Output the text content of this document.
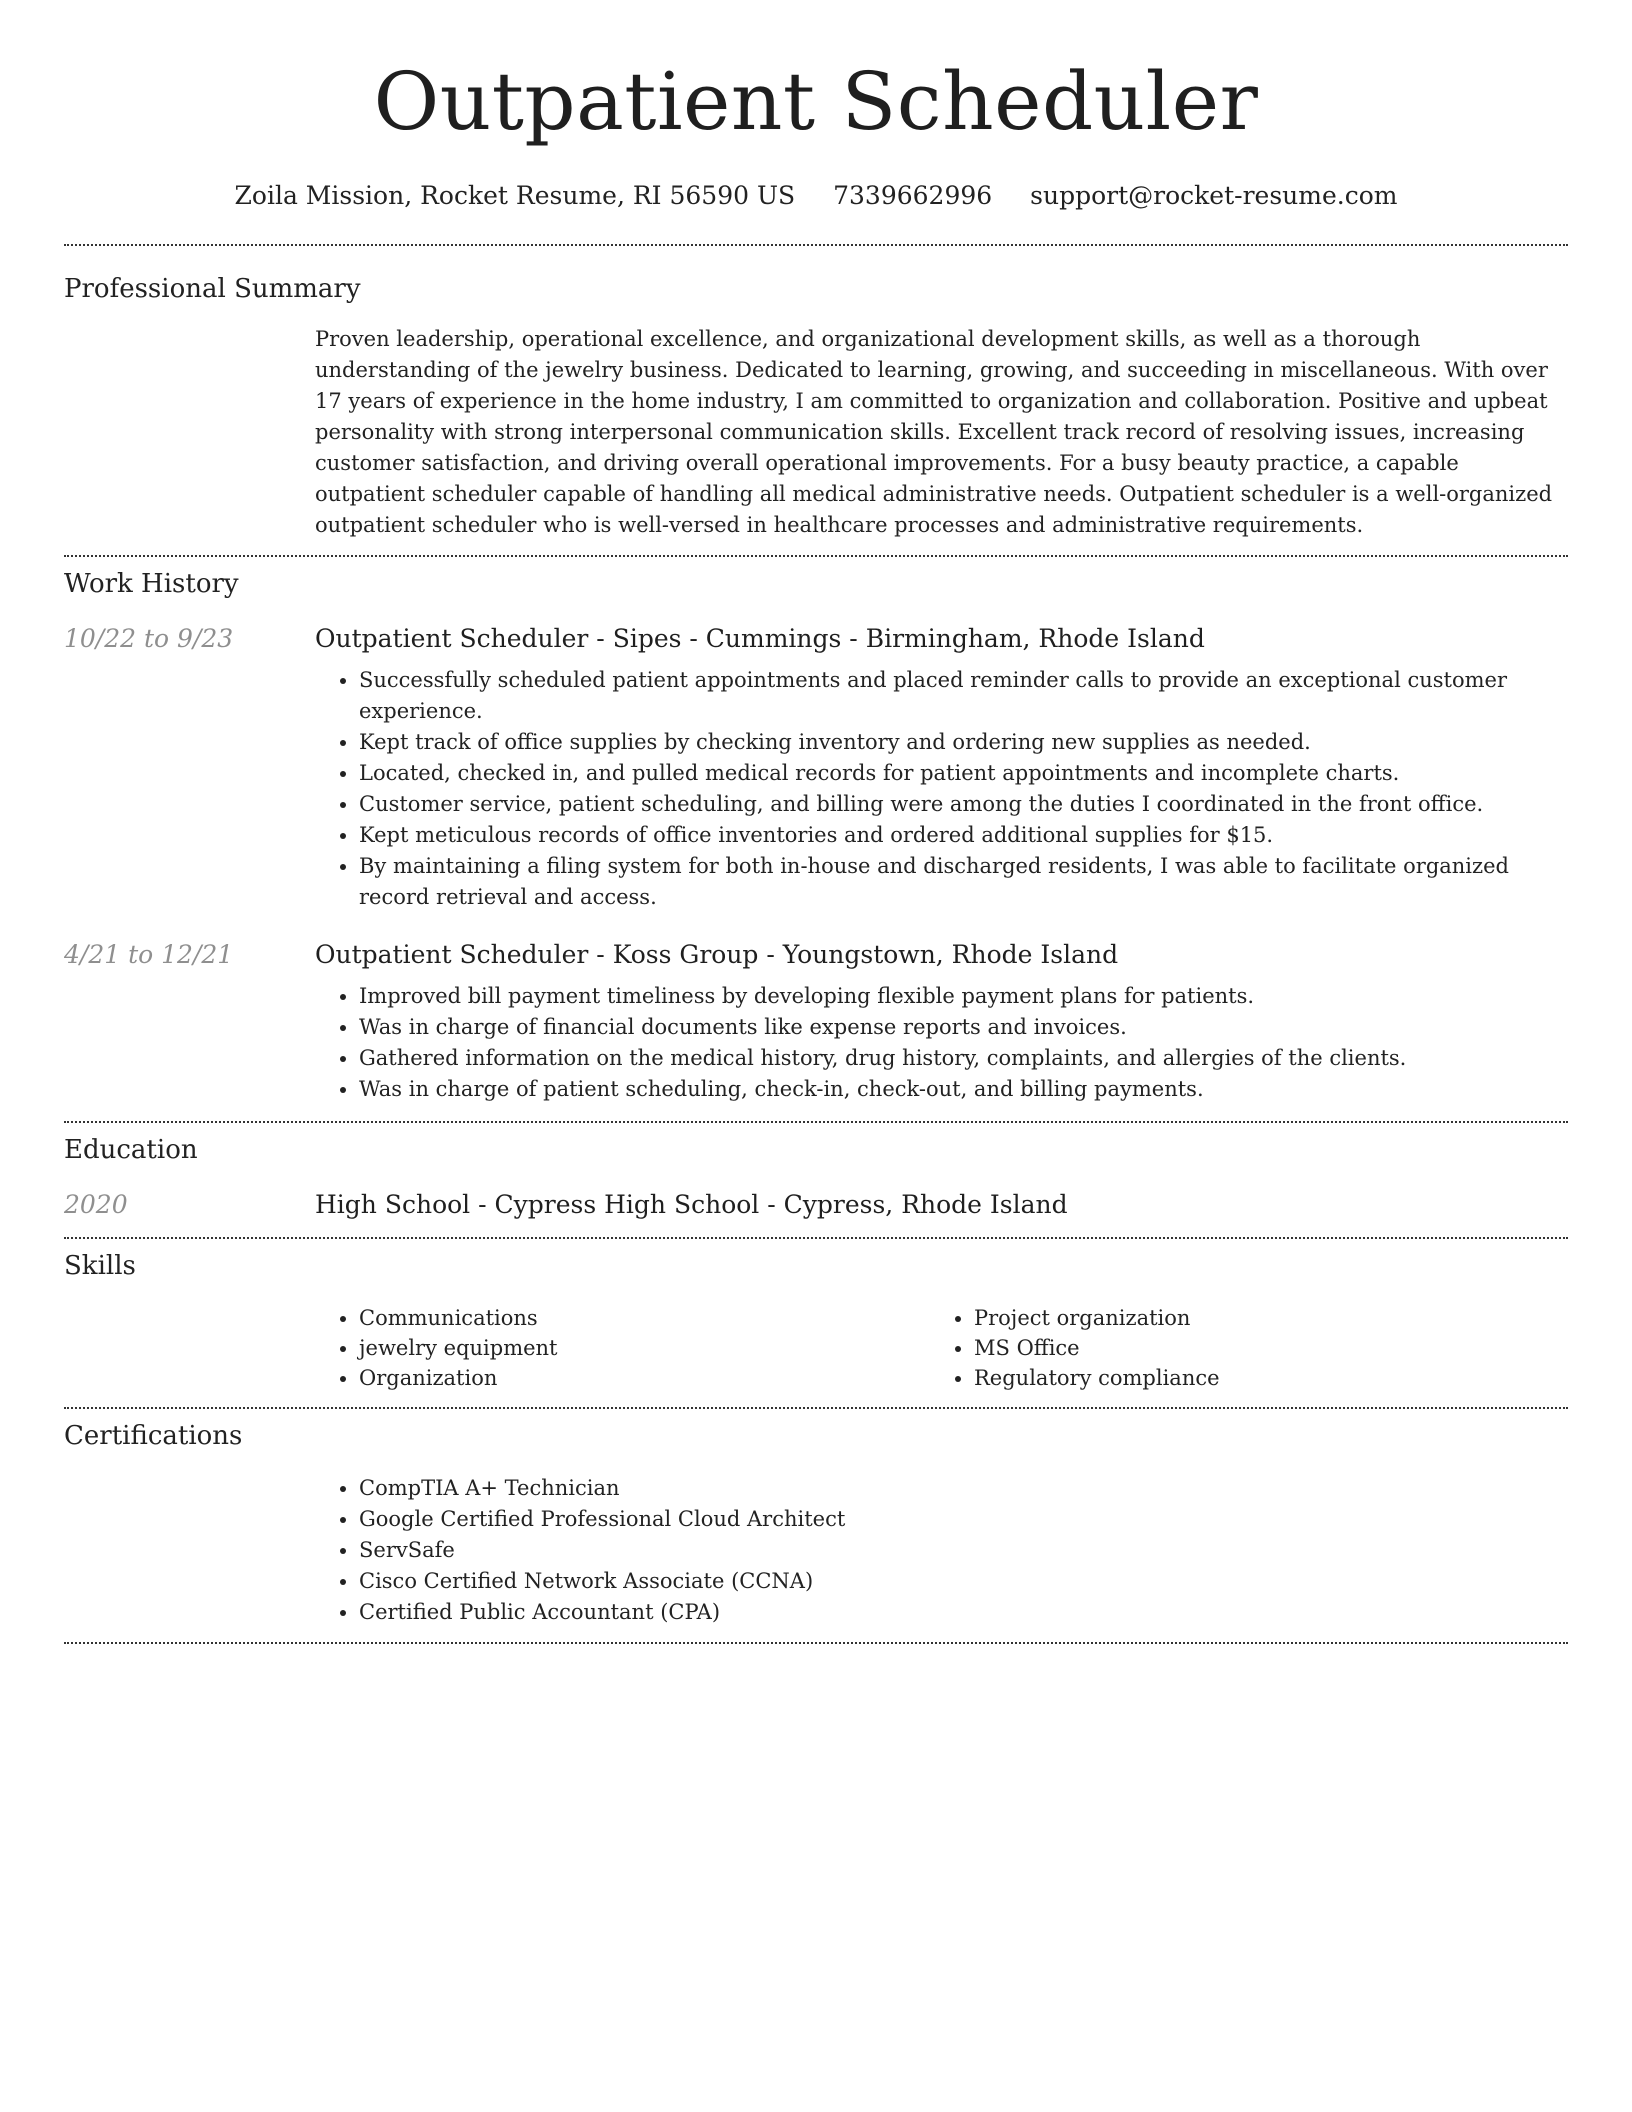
Outpatient Scheduler
Zoila Mission, Rocket Resume, RI 56590 US 7339662996 support@rocket-resume.com
Professional Summary

Proven leadership, operational excellence, and organizational development skills, as well as a thorough understanding of the jewelry business. Dedicated to learning, growing, and succeeding in miscellaneous. With over 17 years of experience in the home industry, I am committed to organization and collaboration. Positive and upbeat personality with strong interpersonal communication skills. Excellent track record of resolving issues, increasing customer satisfaction, and driving overall operational improvements. For a busy beauty practice, a capable outpatient scheduler capable of handling all medical administrative needs. Outpatient scheduler is a well-organized outpatient scheduler who is well-versed in healthcare processes and administrative requirements.

Work History
10/22 to 9/23	Outpatient Scheduler - Sipes - Cummings - Birmingham, Rhode Island

• Successfully scheduled patient appointments and placed reminder calls to provide an exceptional customer experience.
• Kept track of office supplies by checking inventory and ordering new supplies as needed.
• Located, checked in, and pulled medical records for patient appointments and incomplete charts.
• Customer service, patient scheduling, and billing were among the duties I coordinated in the front office.
• Kept meticulous records of office inventories and ordered additional supplies for $15.
• By maintaining a filing system for both in-house and discharged residents, I was able to facilitate organized record retrieval and access.
4/21 to 12/21	Outpatient Scheduler - Koss Group - Youngstown, Rhode Island

• Improved bill payment timeliness by developing flexible payment plans for patients.
• Was in charge of financial documents like expense reports and invoices.
• Gathered information on the medical history, drug history, complaints, and allergies of the clients.
• Was in charge of patient scheduling, check-in, check-out, and billing payments.
Education
2020	High School - Cypress High School - Cypress, Rhode Island

Skills
• Communications
• jewelry equipment
• Organization
• Project organization
• MS Office
• Regulatory compliance
Certifications
• CompTIA A+ Technician
• Google Certified Professional Cloud Architect
• ServSafe
• Cisco Certified Network Associate (CCNA)
• Certified Public Accountant (CPA)
